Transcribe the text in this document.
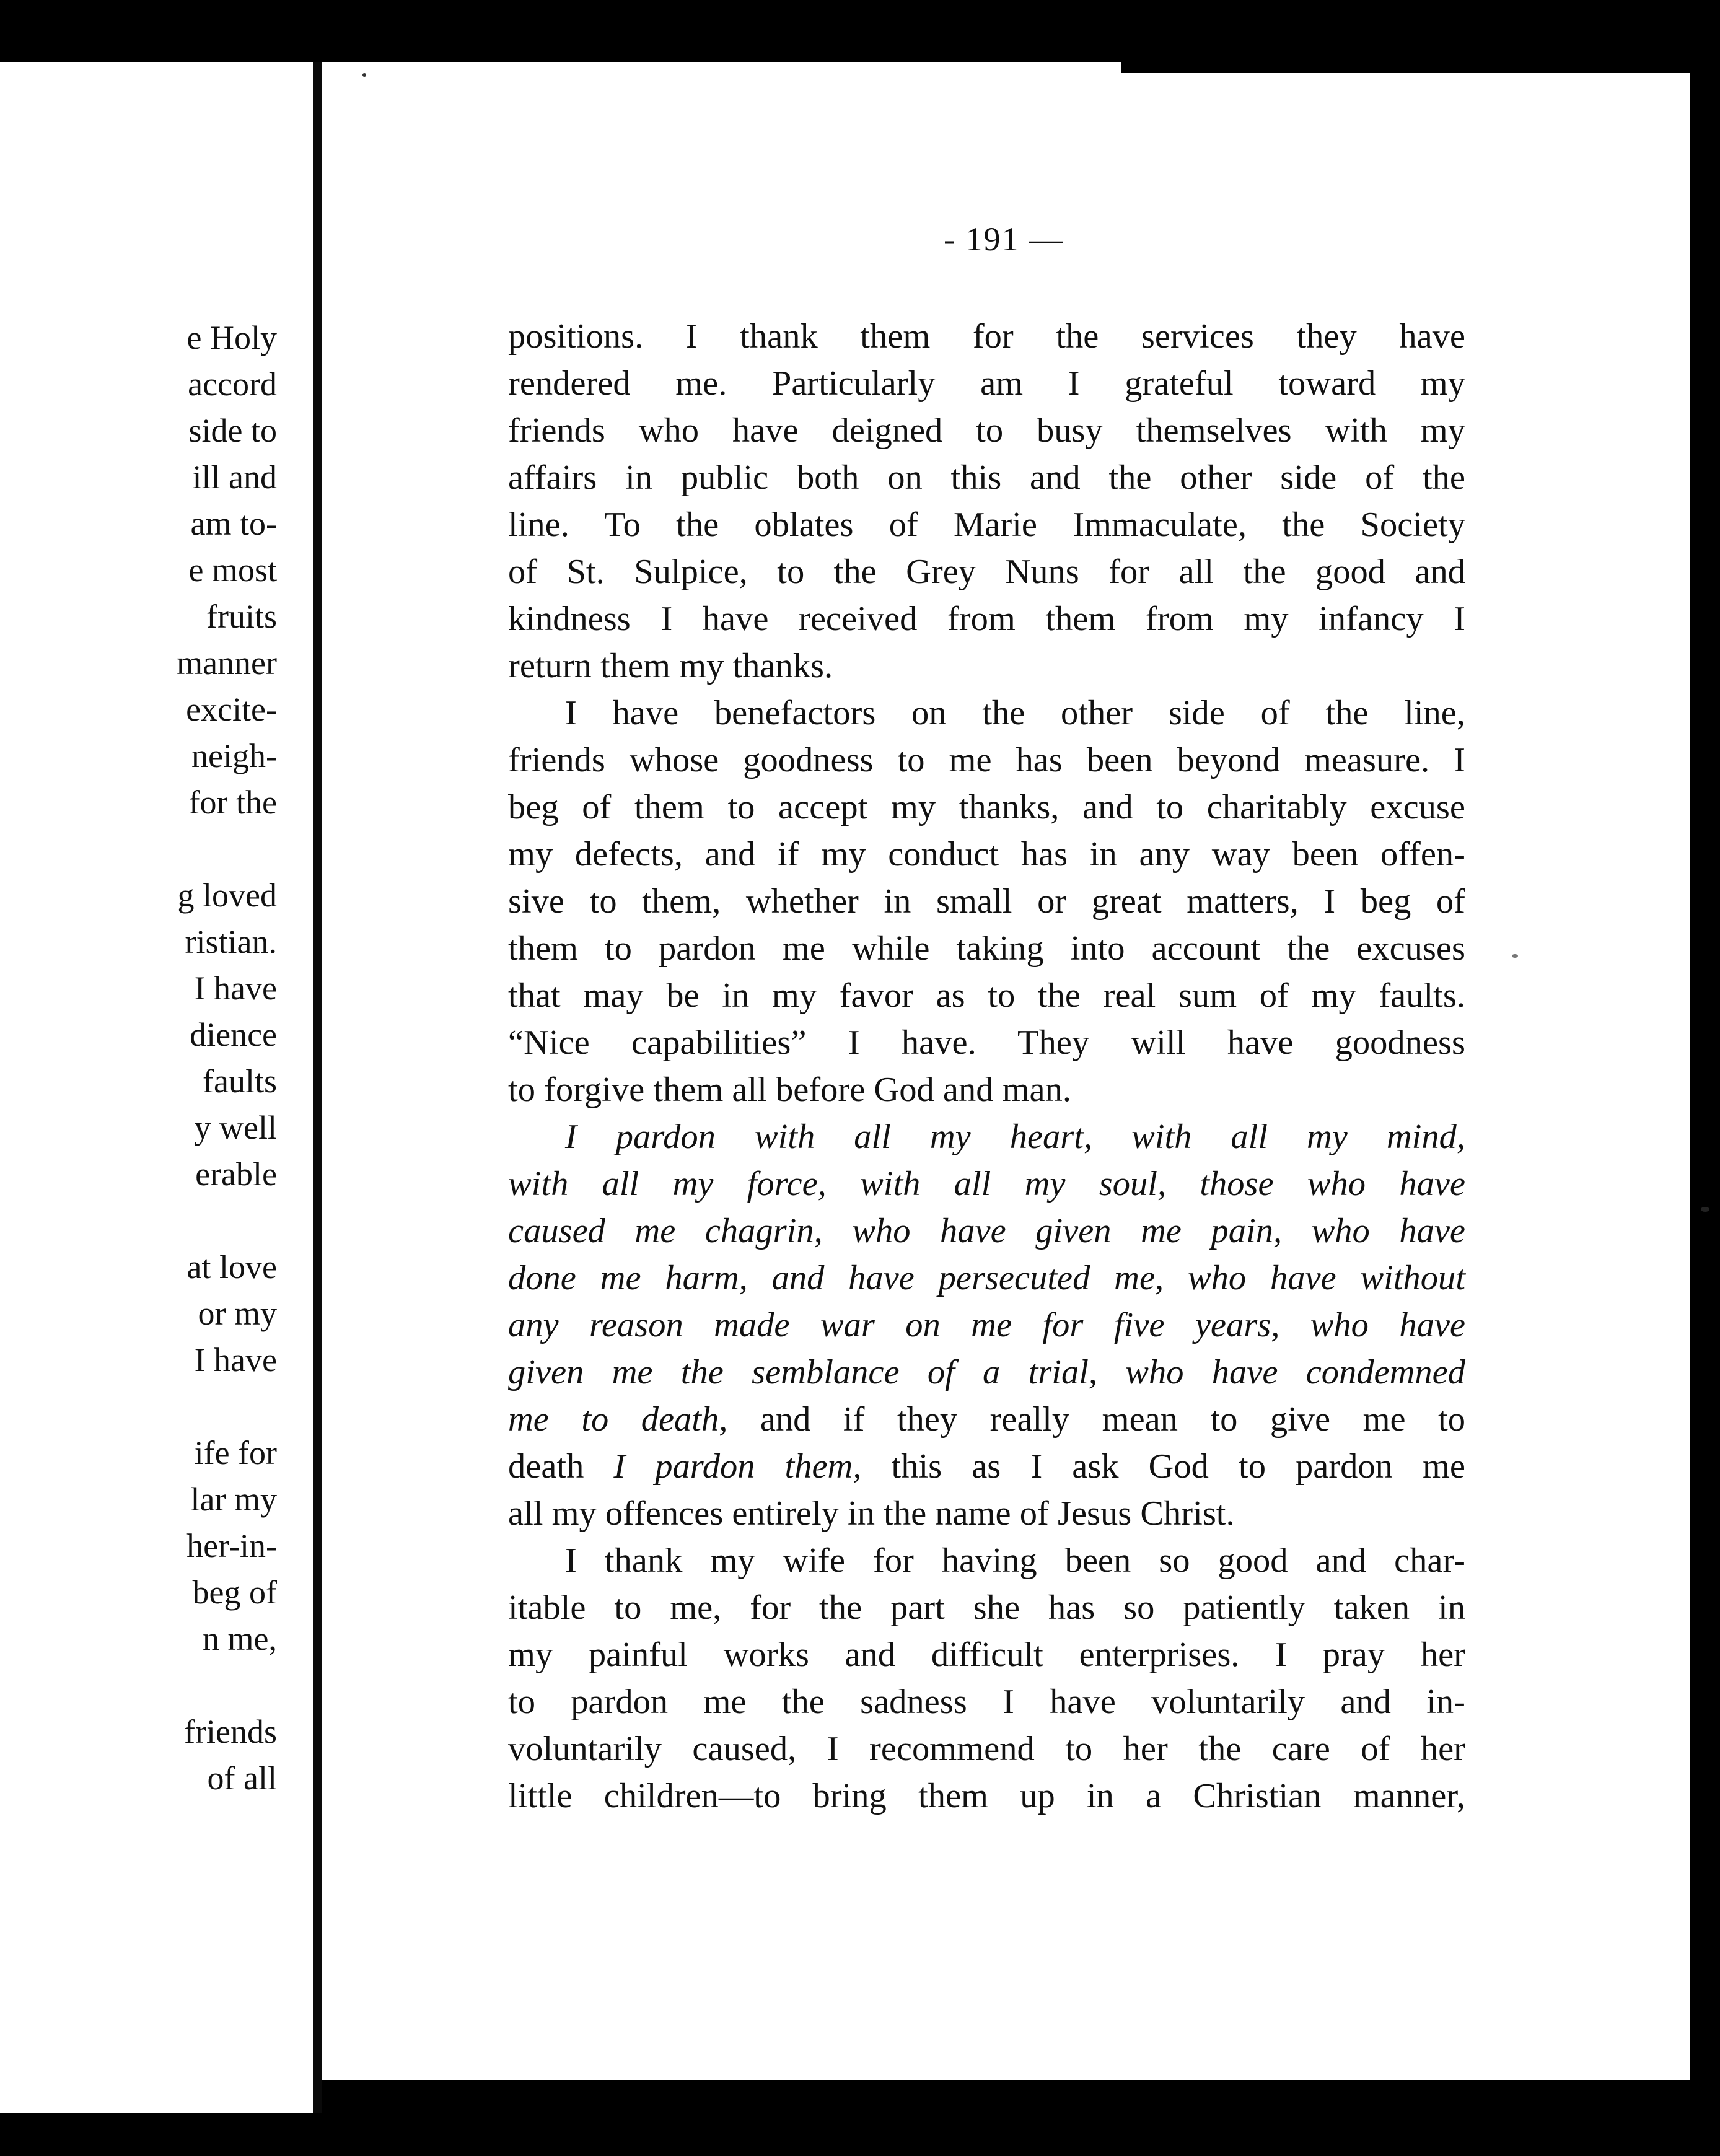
e Holy
accord
side to
ill and
am to-
e most
fruits
manner
excite-
neigh-
for the
g loved
ristian.
I have
dience
faults
y well
erable
at love
or my
I have
ife for
lar my
her-in-
beg of
n me,
friends
of all
- 191 —
positions. I thank them for the services they have
rendered me. Particularly am I grateful toward my
friends who have deigned to busy themselves with my
affairs in public both on this and the other side of the
line. To the oblates of Marie Immaculate, the Society
of St. Sulpice, to the Grey Nuns for all the good and
kindness I have received from them from my infancy I
return them my thanks.
I have benefactors on the other side of the line,
friends whose goodness to me has been beyond measure. I
beg of them to accept my thanks, and to charitably excuse
my defects, and if my conduct has in any way been offen-
sive to them, whether in small or great matters, I beg of
them to pardon me while taking into account the excuses
that may be in my favor as to the real sum of my faults.
“Nice capabilities” I have. They will have goodness
to forgive them all before God and man.
I pardon with all my heart, with all my mind,
with all my force, with all my soul, those who have
caused me chagrin, who have given me pain, who have
done me harm, and have persecuted me, who have without
any reason made war on me for five years, who have
given me the semblance of a trial, who have condemned
me to death, and if they really mean to give me to
death I pardon them, this as I ask God to pardon me
all my offences entirely in the name of Jesus Christ.
I thank my wife for having been so good and char-
itable to me, for the part she has so patiently taken in
my painful works and difficult enterprises. I pray her
to pardon me the sadness I have voluntarily and in-
voluntarily caused, I recommend to her the care of her
little children—to bring them up in a Christian manner,
